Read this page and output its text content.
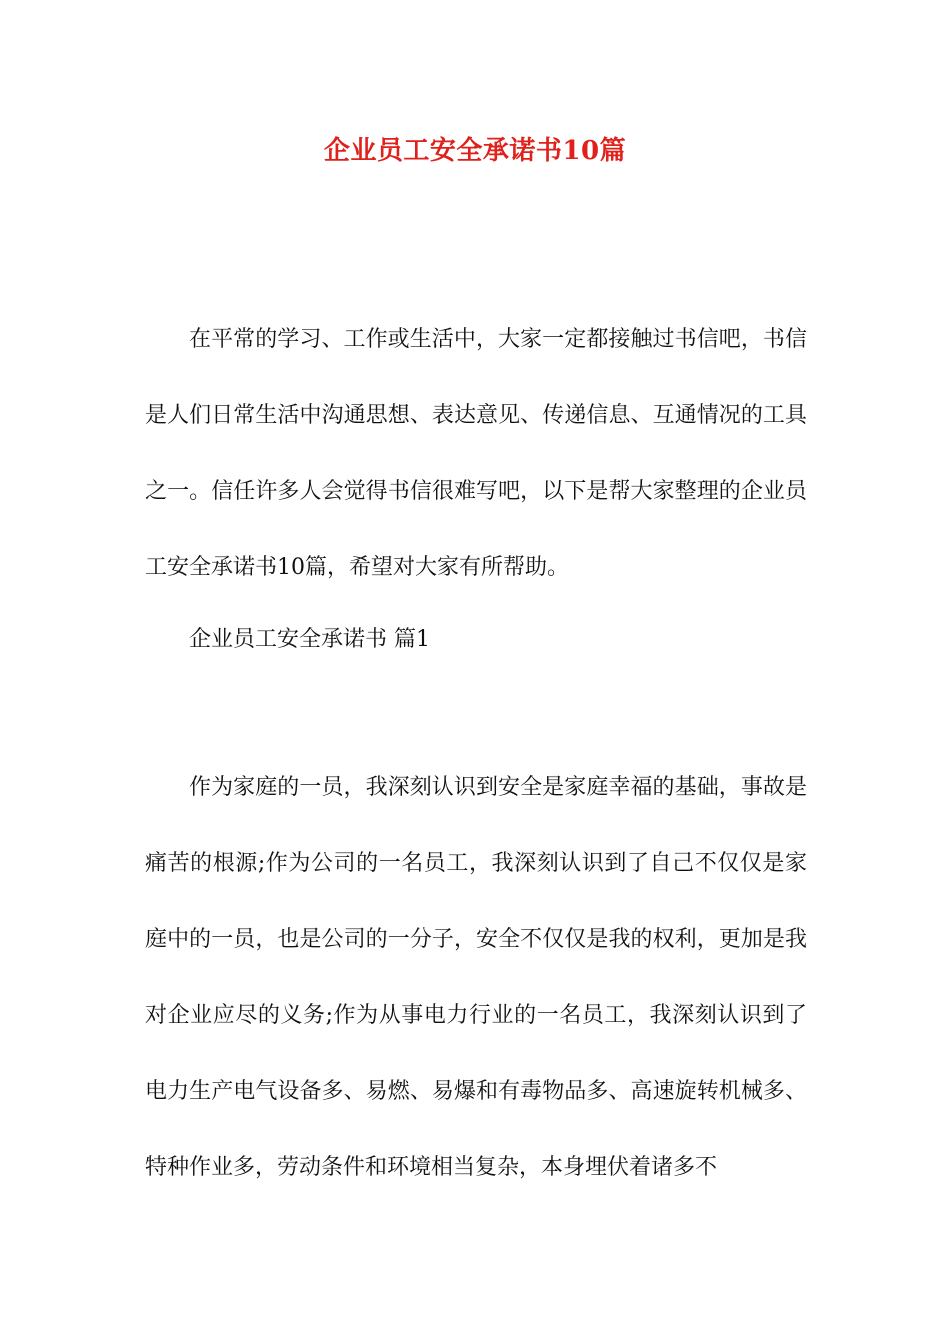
企业员工安全承诺书10篇

在平常的学习、工作或生活中，大家一定都接触过书信吧，书信是人们日常生活中沟通思想、表达意见、传递信息、互通情况的工具之一。信任许多人会觉得书信很难写吧，以下是帮大家整理的企业员工安全承诺书10篇，希望对大家有所帮助。

企业员工安全承诺书 篇1

作为家庭的一员，我深刻认识到安全是家庭幸福的基础，事故是痛苦的根源;作为公司的一名员工，我深刻认识到了自己不仅仅是家庭中的一员，也是公司的一分子，安全不仅仅是我的权利，更加是我对企业应尽的义务;作为从事电力行业的一名员工，我深刻认识到了电力生产电气设备多、易燃、易爆和有毒物品多、高速旋转机械多、特种作业多，劳动条件和环境相当复杂，本身埋伏着诸多不
